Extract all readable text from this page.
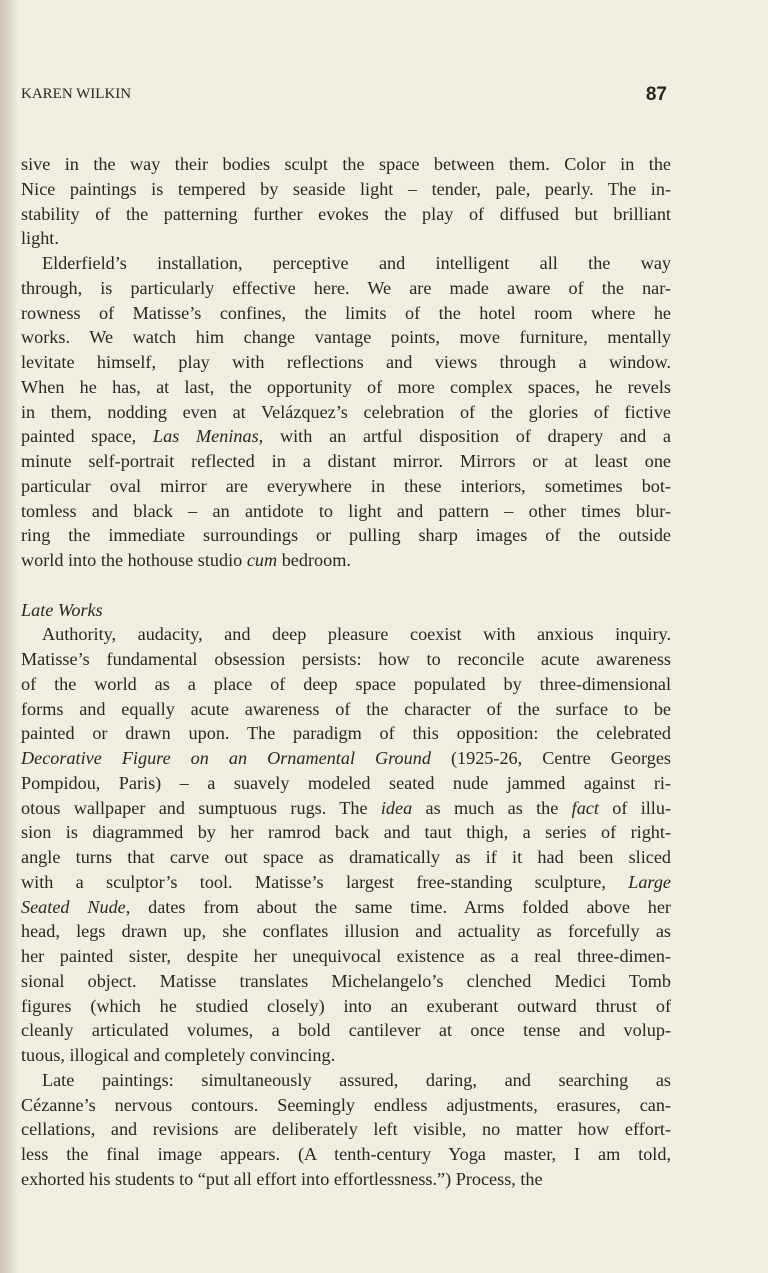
KAREN WILKIN	87

sive in the way their bodies sculpt the space between them. Color in the
Nice paintings is tempered by seaside light – tender, pale, pearly. The in-
stability of the patterning further evokes the play of diffused but brilliant
light.

Elderfield’s installation, perceptive and intelligent all the way
through, is particularly effective here. We are made aware of the nar-
rowness of Matisse’s confines, the limits of the hotel room where he
works. We watch him change vantage points, move furniture, mentally
levitate himself, play with reflections and views through a window.
When he has, at last, the opportunity of more complex spaces, he revels
in them, nodding even at Velázquez’s celebration of the glories of fictive
painted space, Las Meninas, with an artful disposition of drapery and a
minute self-portrait reflected in a distant mirror. Mirrors or at least one
particular oval mirror are everywhere in these interiors, sometimes bot-
tomless and black – an antidote to light and pattern – other times blur-
ring the immediate surroundings or pulling sharp images of the outside
world into the hothouse studio cum bedroom.

Late Works

Authority, audacity, and deep pleasure coexist with anxious inquiry.
Matisse’s fundamental obsession persists: how to reconcile acute awareness
of the world as a place of deep space populated by three-dimensional
forms and equally acute awareness of the character of the surface to be
painted or drawn upon. The paradigm of this opposition: the celebrated
Decorative Figure on an Ornamental Ground (1925-26, Centre Georges
Pompidou, Paris) – a suavely modeled seated nude jammed against ri-
otous wallpaper and sumptuous rugs. The idea as much as the fact of illu-
sion is diagrammed by her ramrod back and taut thigh, a series of right-
angle turns that carve out space as dramatically as if it had been sliced
with a sculptor’s tool. Matisse’s largest free-standing sculpture, Large
Seated Nude, dates from about the same time. Arms folded above her
head, legs drawn up, she conflates illusion and actuality as forcefully as
her painted sister, despite her unequivocal existence as a real three-dimen-
sional object. Matisse translates Michelangelo’s clenched Medici Tomb
figures (which he studied closely) into an exuberant outward thrust of
cleanly articulated volumes, a bold cantilever at once tense and volup-
tuous, illogical and completely convincing.

Late paintings: simultaneously assured, daring, and searching as
Cézanne’s nervous contours. Seemingly endless adjustments, erasures, can-
cellations, and revisions are deliberately left visible, no matter how effort-
less the final image appears. (A tenth-century Yoga master, I am told,
exhorted his students to “put all effort into effortlessness.”) Process, the
